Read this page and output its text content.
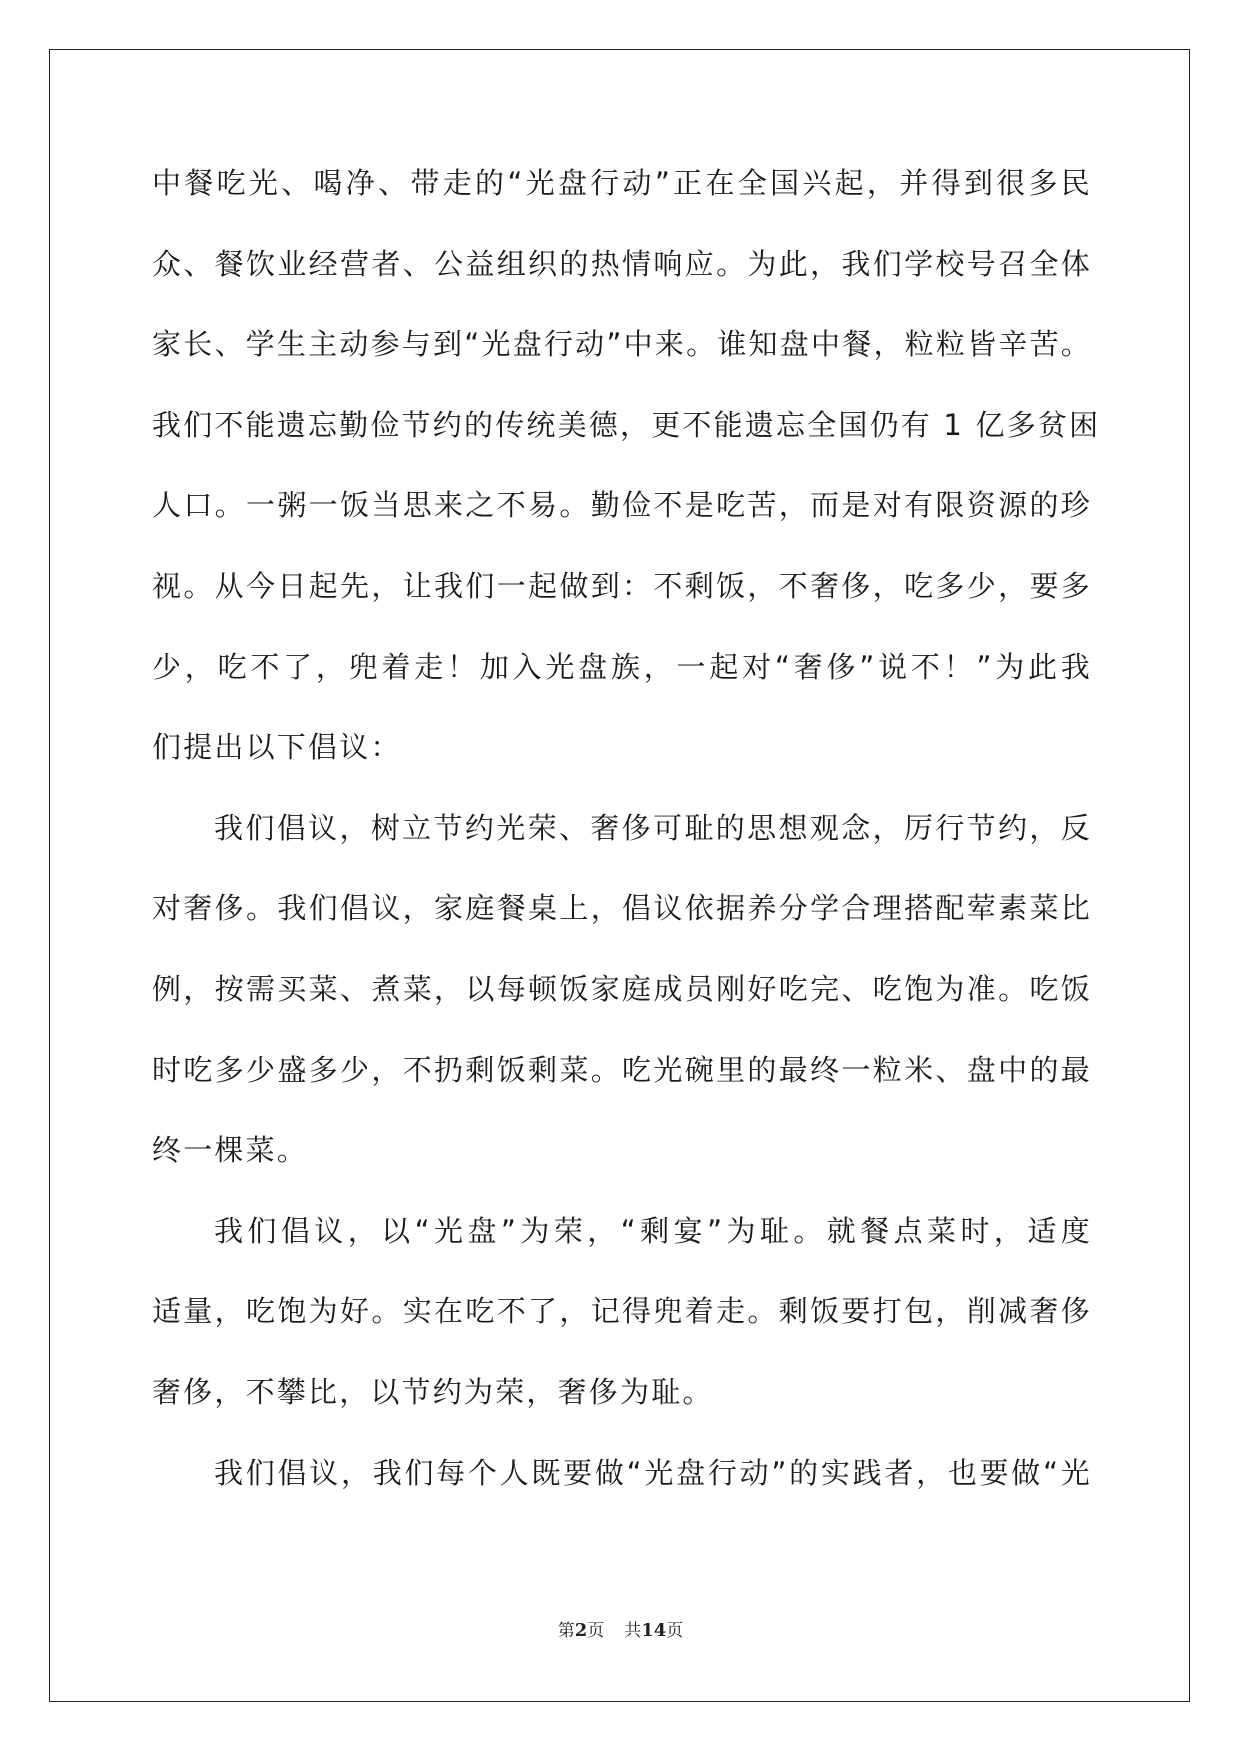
中餐吃光、喝净、带走的“光盘行动”正在全国兴起，并得到很多民
众、餐饮业经营者、公益组织的热情响应。为此，我们学校号召全体
家长、学生主动参与到“光盘行动”中来。谁知盘中餐，粒粒皆辛苦。
我们不能遗忘勤俭节约的传统美德，更不能遗忘全国仍有 1 亿多贫困
人口。一粥一饭当思来之不易。勤俭不是吃苦，而是对有限资源的珍
视。从今日起先，让我们一起做到：不剩饭，不奢侈，吃多少，要多
少，吃不了，兜着走！加入光盘族，一起对“奢侈”说不！”为此我
们提出以下倡议：
我们倡议，树立节约光荣、奢侈可耻的思想观念，厉行节约，反
对奢侈。我们倡议，家庭餐桌上，倡议依据养分学合理搭配荤素菜比
例，按需买菜、煮菜，以每顿饭家庭成员刚好吃完、吃饱为准。吃饭
时吃多少盛多少，不扔剩饭剩菜。吃光碗里的最终一粒米、盘中的最
终一棵菜。
我们倡议，以“光盘”为荣，“剩宴”为耻。就餐点菜时，适度
适量，吃饱为好。实在吃不了，记得兜着走。剩饭要打包，削减奢侈
奢侈，不攀比，以节约为荣，奢侈为耻。
我们倡议，我们每个人既要做“光盘行动”的实践者，也要做“光
第2页 共14页
